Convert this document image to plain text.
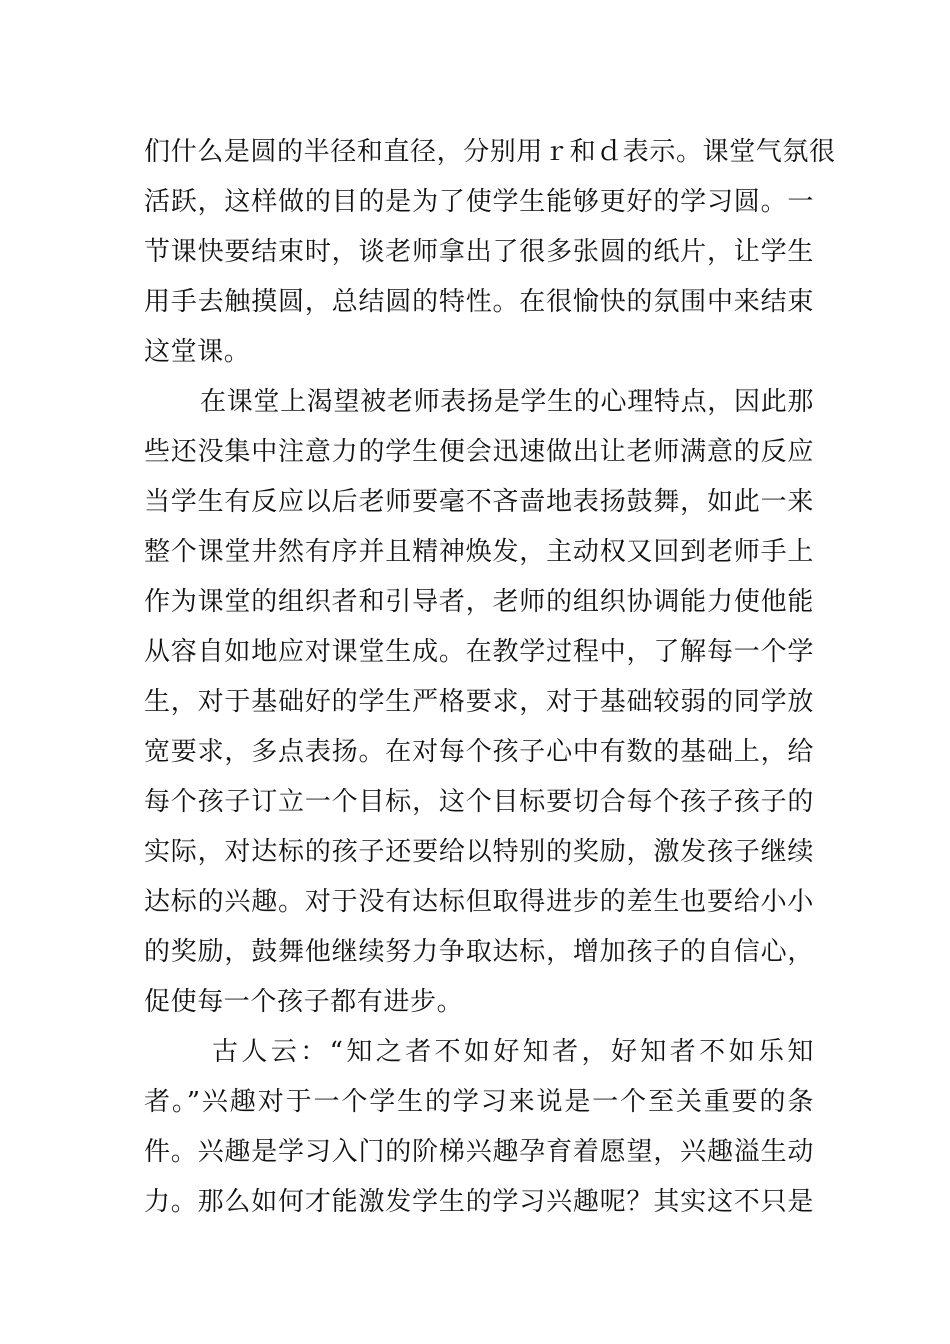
们什么是圆的半径和直径，分别用ｒ和ｄ表示。课堂气氛很
活跃，这样做的目的是为了使学生能够更好的学习圆。一
节课快要结束时，谈老师拿出了很多张圆的纸片，让学生
用手去触摸圆，总结圆的特性。在很愉快的氛围中来结束
这堂课。
在课堂上渴望被老师表扬是学生的心理特点，因此那
些还没集中注意力的学生便会迅速做出让老师满意的反应
当学生有反应以后老师要毫不吝啬地表扬鼓舞，如此一来
整个课堂井然有序并且精神焕发，主动权又回到老师手上
作为课堂的组织者和引导者，老师的组织协调能力使他能
从容自如地应对课堂生成。在教学过程中，了解每一个学
生，对于基础好的学生严格要求，对于基础较弱的同学放
宽要求，多点表扬。在对每个孩子心中有数的基础上，给
每个孩子订立一个目标，这个目标要切合每个孩子孩子的
实际，对达标的孩子还要给以特别的奖励，激发孩子继续
达标的兴趣。对于没有达标但取得进步的差生也要给小小
的奖励，鼓舞他继续努力争取达标，增加孩子的自信心，
促使每一个孩子都有进步。
古人云：“知之者不如好知者，好知者不如乐知
者。”兴趣对于一个学生的学习来说是一个至关重要的条
件。兴趣是学习入门的阶梯兴趣孕育着愿望，兴趣溢生动
力。那么如何才能激发学生的学习兴趣呢？其实这不只是
